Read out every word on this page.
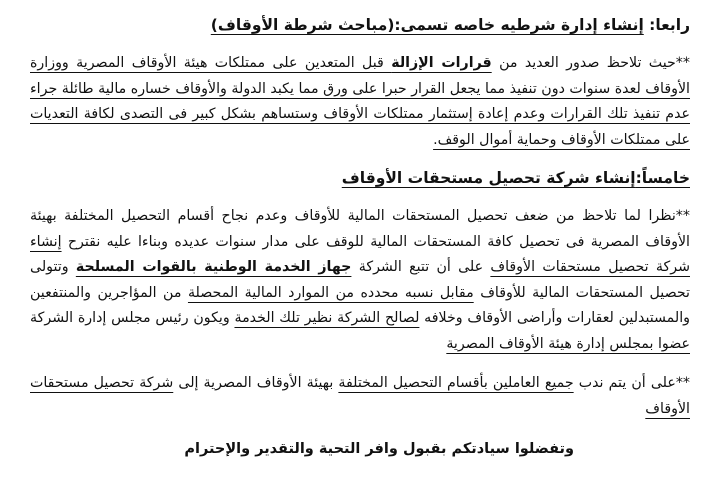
رابعا: إنشاء إدارة شرطيه خاصه تسمى:(مباحث شرطة الأوقاف)

**حيث تلاحظ صدور العديد من قرارات الإزالة قبل المتعدين على ممتلكات هيئة الأوقاف المصرية ووزارة الأوقاف لعدة سنوات دون تنفيذ مما يجعل القرار حبرا على ورق مما يكبد الدولة والأوقاف خساره مالية طائلة جراء عدم تنفيذ تلك القرارات وعدم إعادة إستثمار ممتلكات الأوقاف وستساهم بشكل كبير فى التصدى لكافة التعديات على ممتلكات الأوقاف وحماية أموال الوقف.

خامساً:إنشاء شركة تحصيل مستحقات الأوقاف

**نظرا لما تلاحظ من ضعف تحصيل المستحقات المالية للأوقاف وعدم نجاح أقسام التحصيل المختلفة بهيئة الأوقاف المصرية فى تحصيل كافة المستحقات المالية للوقف على مدار سنوات عديده وبناءا عليه نقترح إنشاء شركة تحصيل مستحقات الأوقاف على أن تتبع الشركة جهاز الخدمة الوطنية بالقوات المسلحة وتتولى تحصيل المستحقات المالية للأوقاف مقابل نسبه محدده من الموارد المالية المحصلة من المؤاجرين والمنتفعين والمستبدلين لعقارات وأراضى الأوقاف وخلافه لصالح الشركة نظير تلك الخدمة ويكون رئيس مجلس إدارة الشركة عضوا بمجلس إدارة هيئة الأوقاف المصرية

**على أن يتم ندب جميع العاملين بأقسام التحصيل المختلفة بهيئة الأوقاف المصرية إلى شركة تحصيل مستحقات الأوقاف

وتفضلوا سيادتكم بقبول وافر التحية والتقدير والإحترام
